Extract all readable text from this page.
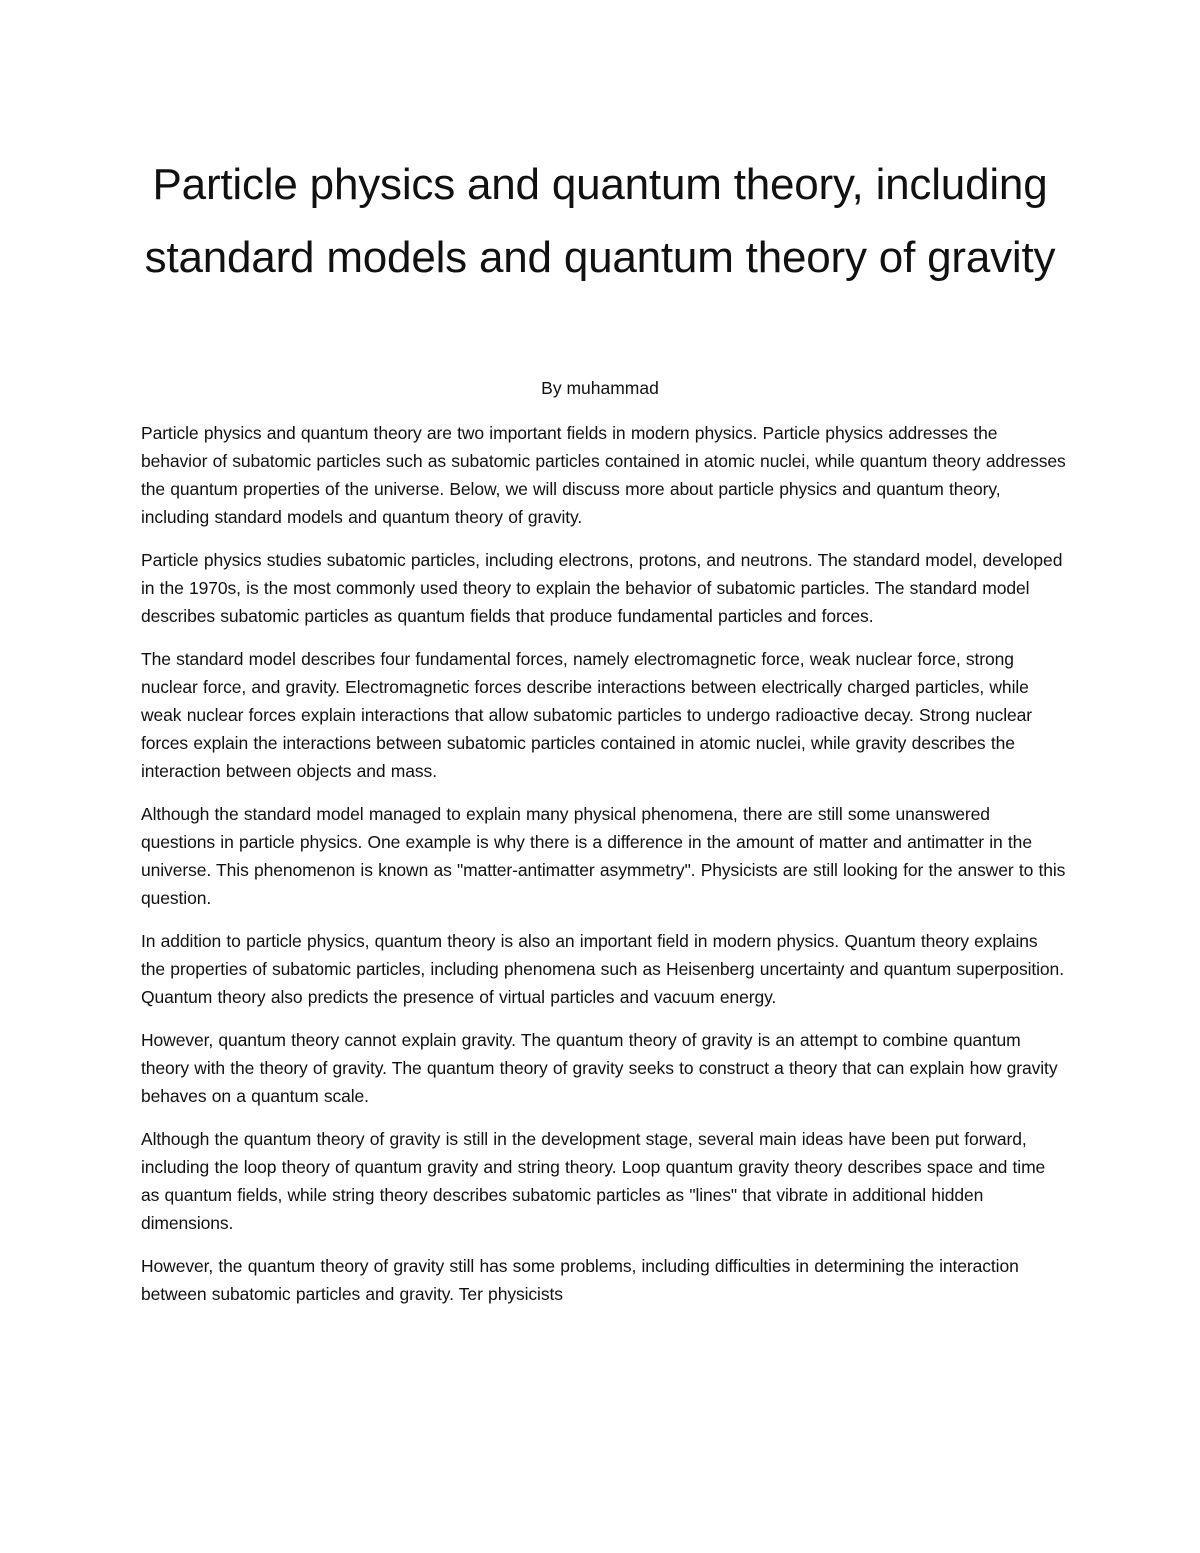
Particle physics and quantum theory, including standard models and quantum theory of gravity

By muhammad

Particle physics and quantum theory are two important fields in modern physics. Particle physics addresses the behavior of subatomic particles such as subatomic particles contained in atomic nuclei, while quantum theory addresses the quantum properties of the universe. Below, we will discuss more about particle physics and quantum theory, including standard models and quantum theory of gravity.

Particle physics studies subatomic particles, including electrons, protons, and neutrons. The standard model, developed in the 1970s, is the most commonly used theory to explain the behavior of subatomic particles. The standard model describes subatomic particles as quantum fields that produce fundamental particles and forces.

The standard model describes four fundamental forces, namely electromagnetic force, weak nuclear force, strong nuclear force, and gravity. Electromagnetic forces describe interactions between electrically charged particles, while weak nuclear forces explain interactions that allow subatomic particles to undergo radioactive decay. Strong nuclear forces explain the interactions between subatomic particles contained in atomic nuclei, while gravity describes the interaction between objects and mass.

Although the standard model managed to explain many physical phenomena, there are still some unanswered questions in particle physics. One example is why there is a difference in the amount of matter and antimatter in the universe. This phenomenon is known as "matter-antimatter asymmetry". Physicists are still looking for the answer to this question.

In addition to particle physics, quantum theory is also an important field in modern physics. Quantum theory explains the properties of subatomic particles, including phenomena such as Heisenberg uncertainty and quantum superposition. Quantum theory also predicts the presence of virtual particles and vacuum energy.

However, quantum theory cannot explain gravity. The quantum theory of gravity is an attempt to combine quantum theory with the theory of gravity. The quantum theory of gravity seeks to construct a theory that can explain how gravity behaves on a quantum scale.

Although the quantum theory of gravity is still in the development stage, several main ideas have been put forward, including the loop theory of quantum gravity and string theory. Loop quantum gravity theory describes space and time as quantum fields, while string theory describes subatomic particles as "lines" that vibrate in additional hidden dimensions.

However, the quantum theory of gravity still has some problems, including difficulties in determining the interaction between subatomic particles and gravity. Ter physicists
